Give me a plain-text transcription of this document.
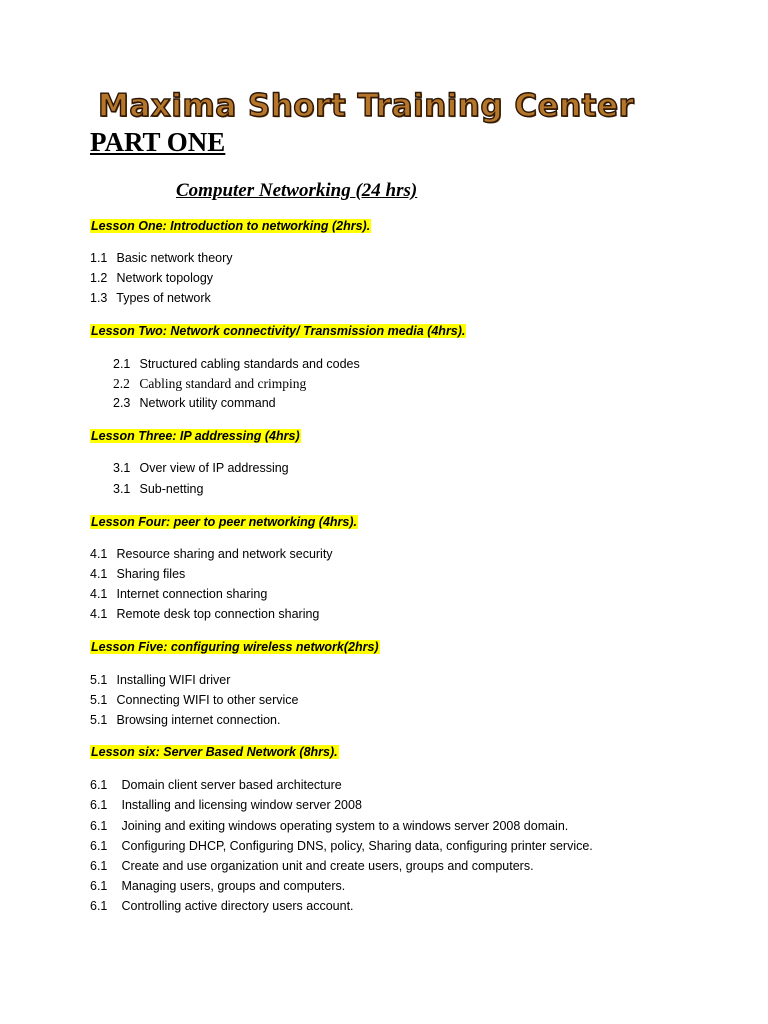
Maxima Short Training Center
PART ONE
Computer Networking (24 hrs)
Lesson One: Introduction to networking (2hrs).
1.1 Basic network theory
1.2 Network topology
1.3 Types of network
Lesson Two: Network connectivity/ Transmission media (4hrs).
2.1 Structured cabling standards and codes
2.2 Cabling standard and crimping
2.3 Network utility command
Lesson Three: IP addressing (4hrs)
3.1 Over view of IP addressing
3.1 Sub-netting
Lesson Four: peer to peer networking (4hrs).
4.1 Resource sharing and network security
4.1 Sharing files
4.1 Internet connection sharing
4.1 Remote desk top connection sharing
Lesson Five: configuring wireless network(2hrs)
5.1 Installing WIFI driver
5.1 Connecting WIFI to other service
5.1 Browsing internet connection.
Lesson six: Server Based Network (8hrs).
6.1 Domain client server based architecture
6.1 Installing and licensing window server 2008
6.1 Joining and exiting windows operating system to a windows server 2008 domain.
6.1 Configuring DHCP, Configuring DNS, policy, Sharing data, configuring printer service.
6.1 Create and use organization unit and create users, groups and computers.
6.1 Managing users, groups and computers.
6.1 Controlling active directory users account.
